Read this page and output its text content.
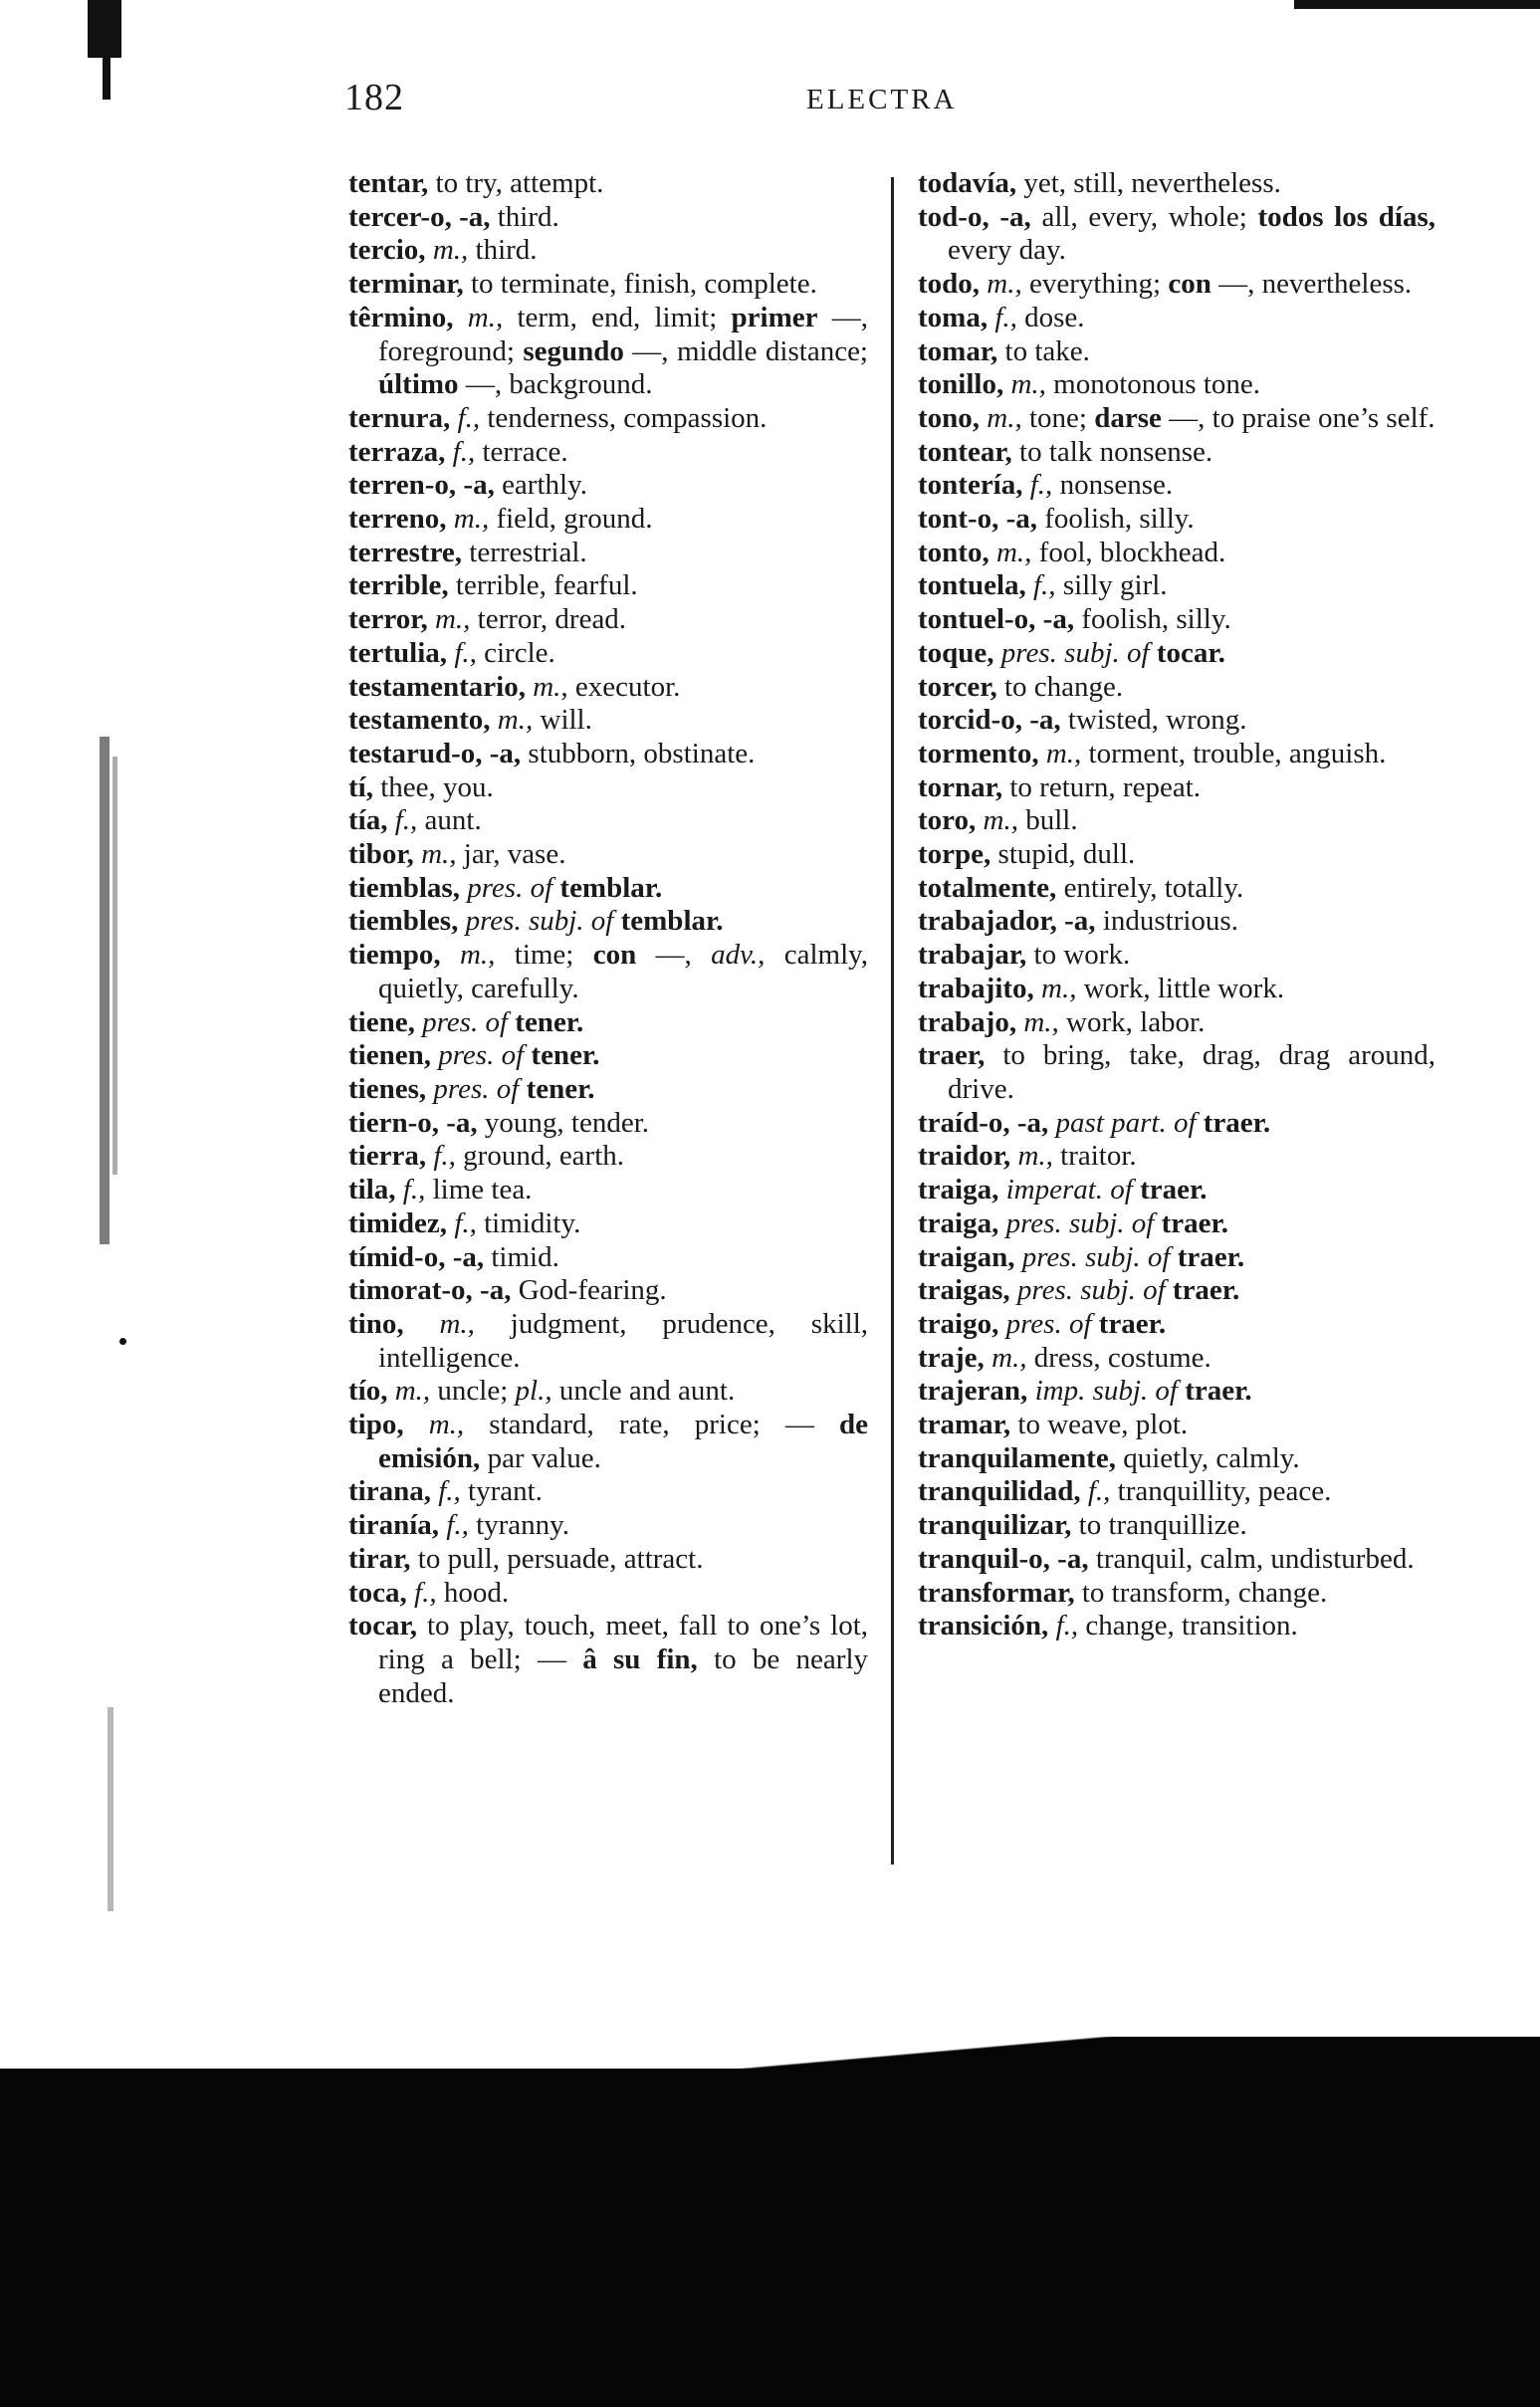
182	ELECTRA

tentar, to try, attempt.

tercer-o, -a, third.

tercio, m., third.

terminar, to terminate, finish, complete.

têrmino, m., term, end, limit; primer —, foreground; segundo —, middle distance; último —, background.

ternura, f., tenderness, compassion.

terraza, f., terrace.

terren-o, -a, earthly.

terreno, m., field, ground.

terrestre, terrestrial.

terrible, terrible, fearful.

terror, m., terror, dread.

tertulia, f., circle.

testamentario, m., executor.

testamento, m., will.

testarud-o, -a, stubborn, obstinate.

tí, thee, you.

tía, f., aunt.

tibor, m., jar, vase.

tiemblas, pres. of temblar.

tiembles, pres. subj. of temblar.

tiempo, m., time; con —, adv., calmly, quietly, carefully.

tiene, pres. of tener.

tienen, pres. of tener.

tienes, pres. of tener.

tiern-o, -a, young, tender.

tierra, f., ground, earth.

tila, f., lime tea.

timidez, f., timidity.

tímid-o, -a, timid.

timorat-o, -a, God-fearing.

tino, m., judgment, prudence, skill, intelligence.

tío, m., uncle; pl., uncle and aunt.

tipo, m., standard, rate, price; — de emisión, par value.

tirana, f., tyrant.

tiranía, f., tyranny.

tirar, to pull, persuade, attract.

toca, f., hood.

tocar, to play, touch, meet, fall to one’s lot, ring a bell; — â su fin, to be nearly ended.

todavía, yet, still, nevertheless.

tod-o, -a, all, every, whole; todos los días, every day.

todo, m., everything; con —, nevertheless.

toma, f., dose.

tomar, to take.

tonillo, m., monotonous tone.

tono, m., tone; darse —, to praise one’s self.

tontear, to talk nonsense.

tontería, f., nonsense.

tont-o, -a, foolish, silly.

tonto, m., fool, blockhead.

tontuela, f., silly girl.

tontuel-o, -a, foolish, silly.

toque, pres. subj. of tocar.

torcer, to change.

torcid-o, -a, twisted, wrong.

tormento, m., torment, trouble, anguish.

tornar, to return, repeat.

toro, m., bull.

torpe, stupid, dull.

totalmente, entirely, totally.

trabajador, -a, industrious.

trabajar, to work.

trabajito, m., work, little work.

trabajo, m., work, labor.

traer, to bring, take, drag, drag around, drive.

traíd-o, -a, past part. of traer.

traidor, m., traitor.

traiga, imperat. of traer.

traiga, pres. subj. of traer.

traigan, pres. subj. of traer.

traigas, pres. subj. of traer.

traigo, pres. of traer.

traje, m., dress, costume.

trajeran, imp. subj. of traer.

tramar, to weave, plot.

tranquilamente, quietly, calmly.

tranquilidad, f., tranquillity, peace.

tranquilizar, to tranquillize.

tranquil-o, -a, tranquil, calm, undisturbed.

transformar, to transform, change.

transición, f., change, transition.
